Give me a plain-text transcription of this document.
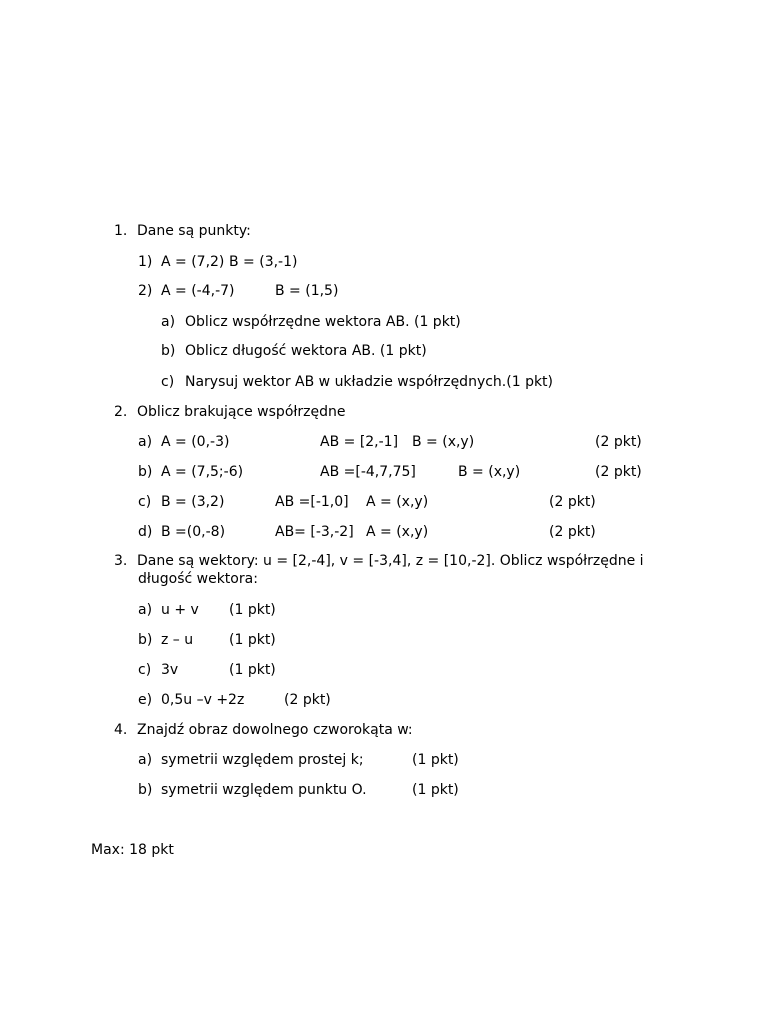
1. Dane są punkty:
1) A = (7,2) B = (3,-1)
2) A = (-4,-7)	B = (1,5)
a) Oblicz współrzędne wektora AB. (1 pkt)
b) Oblicz długość wektora AB. (1 pkt)
c) Narysuj wektor AB w układzie współrzędnych.(1 pkt)
2. Oblicz brakujące współrzędne
a) A = (0,-3)	AB = [2,-1] B = (x,y)	(2 pkt)
b) A = (7,5;-6)	AB =[-4,7,75]	B = (x,y)	(2 pkt)
c) B = (3,2)	AB =[-1,0] A = (x,y)	(2 pkt)
d) B =(0,-8)	AB= [-3,-2] A = (x,y)	(2 pkt)
3. Dane są wektory: u = [2,-4], v = [-3,4], z = [10,-2]. Oblicz współrzędne i
długość wektora:
a) u + v (1 pkt)
b) z – u	(1 pkt)
c) 3v	(1 pkt)
e) 0,5u –v +2z	(2 pkt)
4. Znajdź obraz dowolnego czworokąta w:
a) symetrii względem prostej k;	(1 pkt)
b) symetrii względem punktu O.	(1 pkt)
Max: 18 pkt
